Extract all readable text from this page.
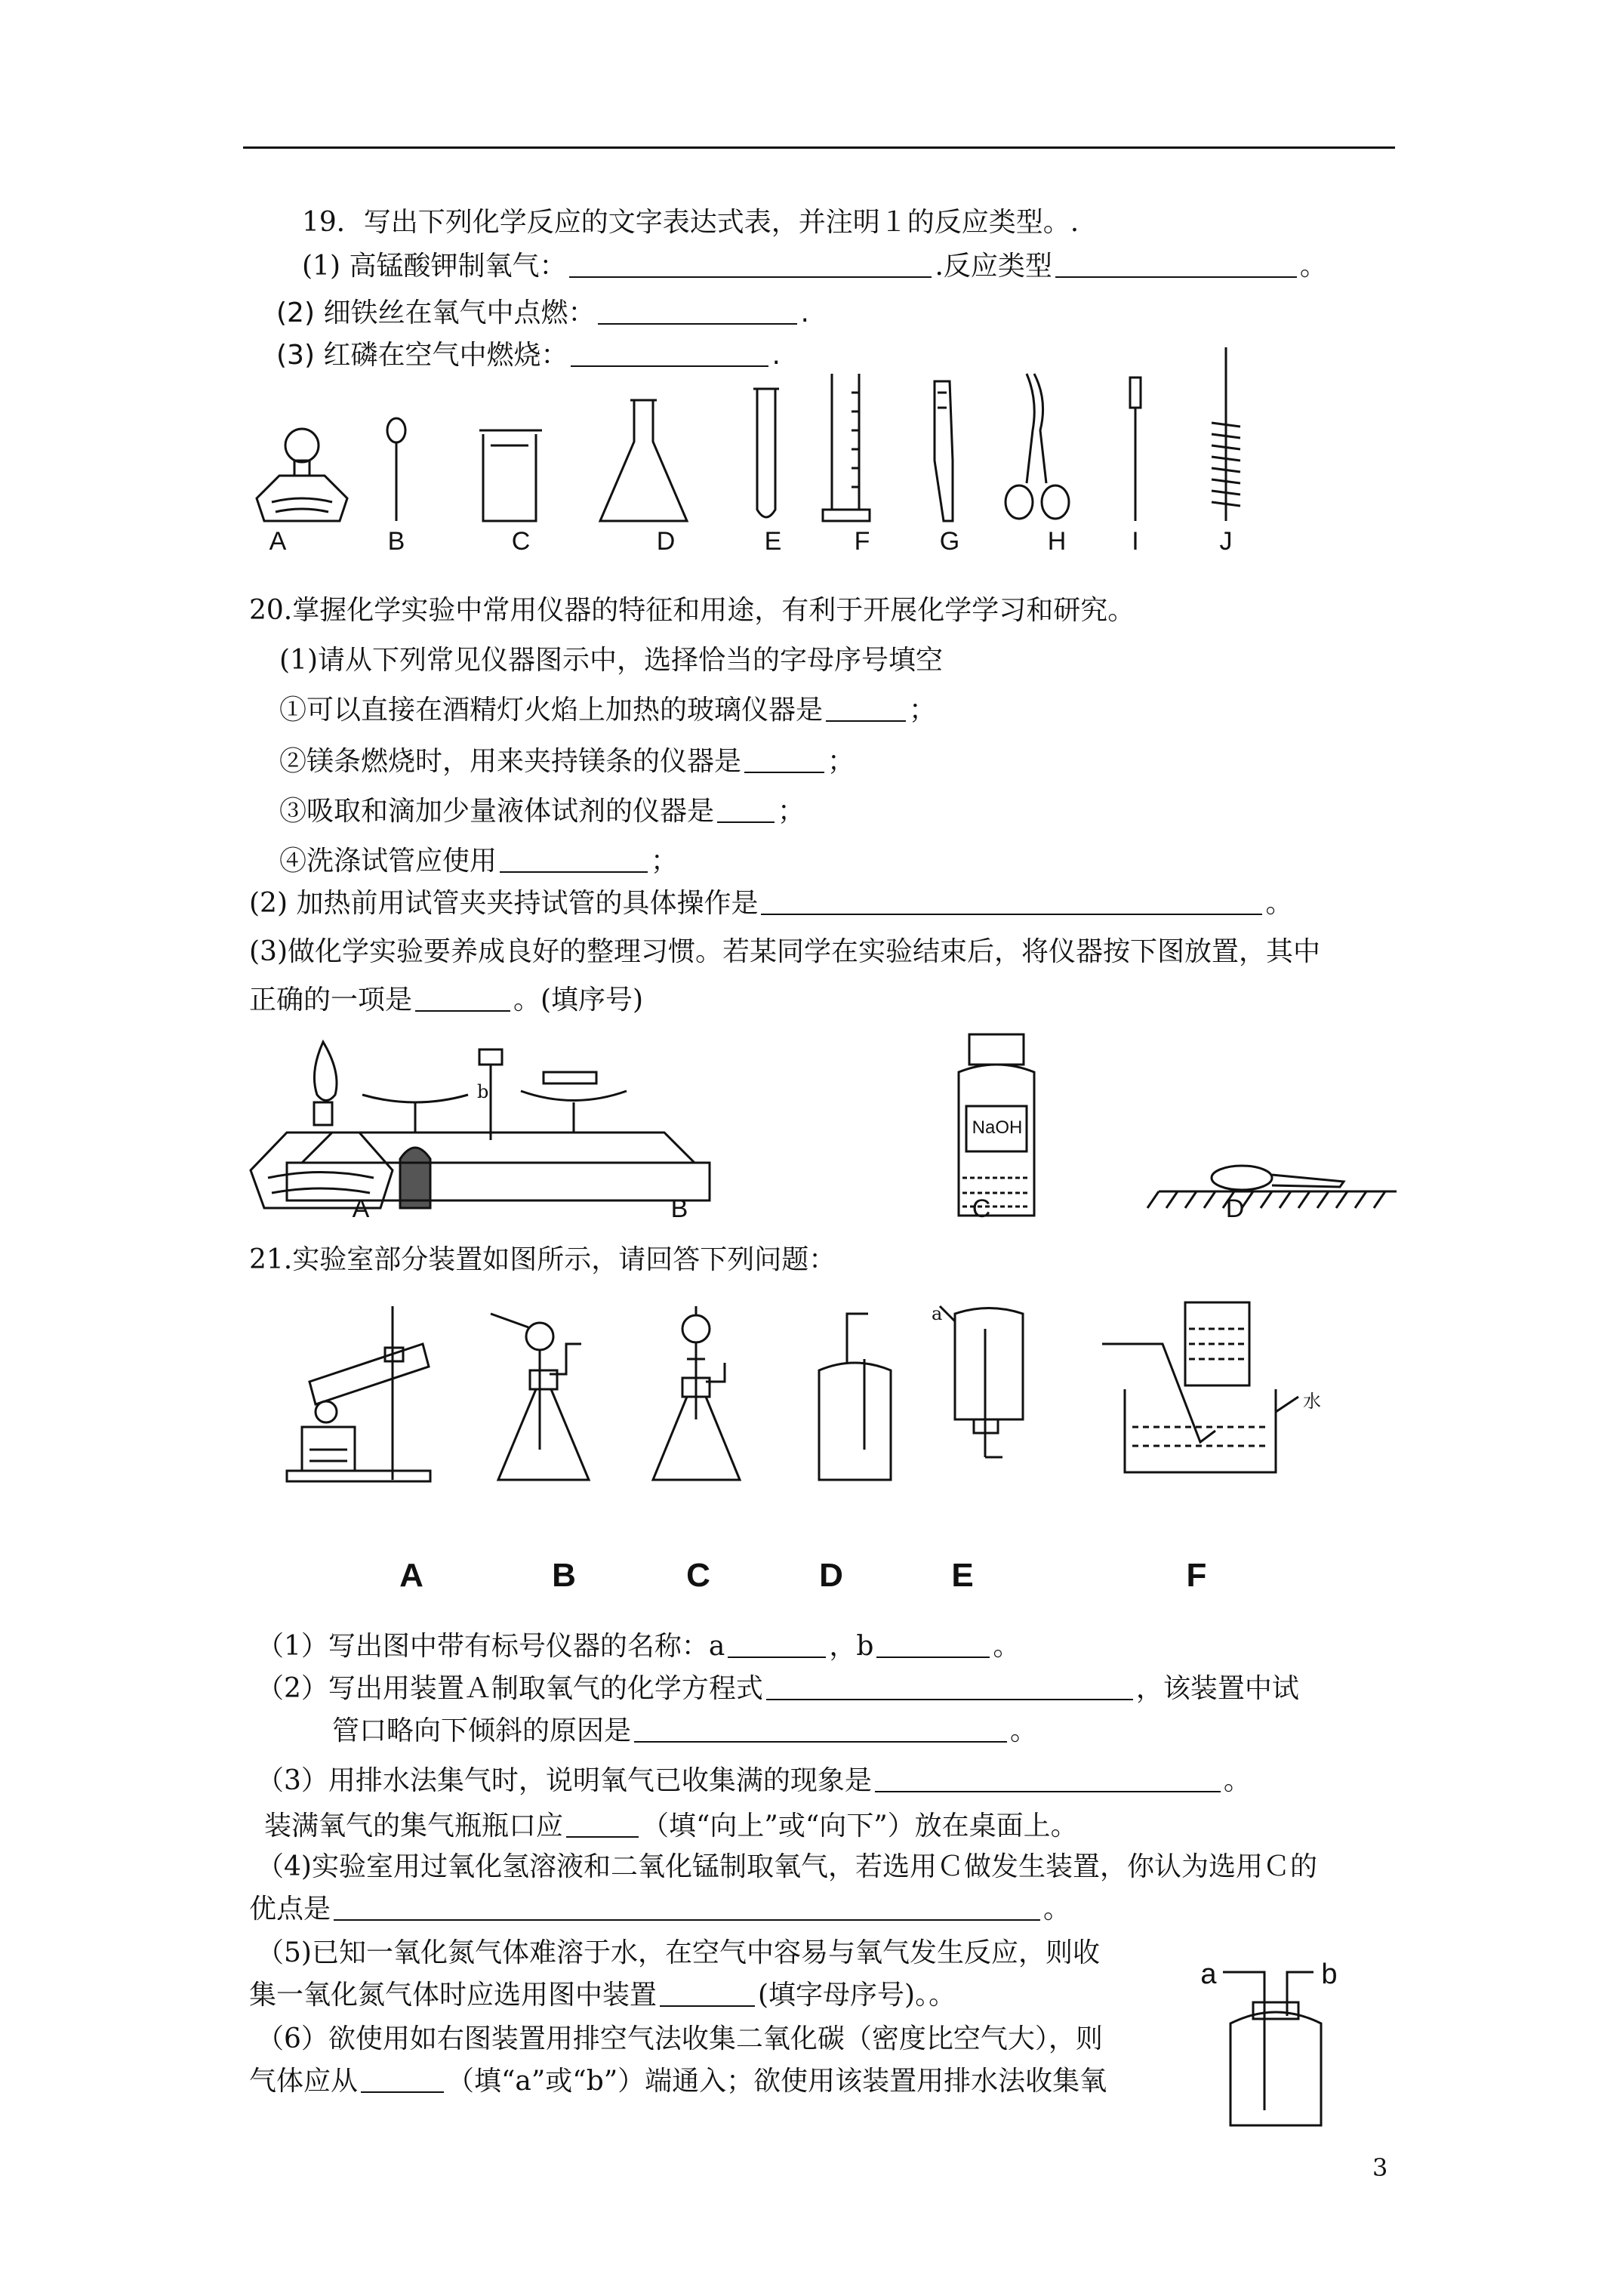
19．写出下列化学反应的文字表达式表，并注明１的反应类型。.
(1) 高锰酸钾制氧气：	.反应类型	。
(2) 细铁丝在氧气中点燃：	.
(3) 红磷在空气中燃烧：	.
A	B	C	D	E	F	G	H	I	J
20.掌握化学实验中常用仪器的特征和用途，有利于开展化学学习和研究。
(1)请从下列常见仪器图示中，选择恰当的字母序号填空
①可以直接在酒精灯火焰上加热的玻璃仪器是	；
②镁条燃烧时，用来夹持镁条的仪器是	；
③吸取和滴加少量液体试剂的仪器是 ；
④洗涤试管应使用	；
(2) 加热前用试管夹夹持试管的具体操作是	。
(3)做化学实验要养成良好的整理习惯。若某同学在实验结束后，将仪器按下图放置，其中
正确的一项是	。(填序号)
b
NaOH
A	B	C	D
21.实验室部分装置如图所示，请回答下列问题：
a
水
A	B	C	D	E	F
（1）写出图中带有标号仪器的名称：a	，b	。
（2）写出用装置Ａ制取氧气的化学方程式	，该装置中试
管口略向下倾斜的原因是	。
（3）用排水法集气时，说明氧气已收集满的现象是	。
装满氧气的集气瓶瓶口应	（填“向上”或“向下”）放在桌面上。
（4)实验室用过氧化氢溶液和二氧化锰制取氧气，若选用Ｃ做发生装置，你认为选用Ｃ的
优点是	。
（5)已知一氧化氮气体难溶于水，在空气中容易与氧气发生反应，则收
集一氧化氮气体时应选用图中装置	(填字母序号)。。
（6）欲使用如右图装置用排空气法收集二氧化碳（密度比空气大），则
气体应从	（填“a”或“b”）端通入；欲使用该装置用排水法收集氧
a	b
3
